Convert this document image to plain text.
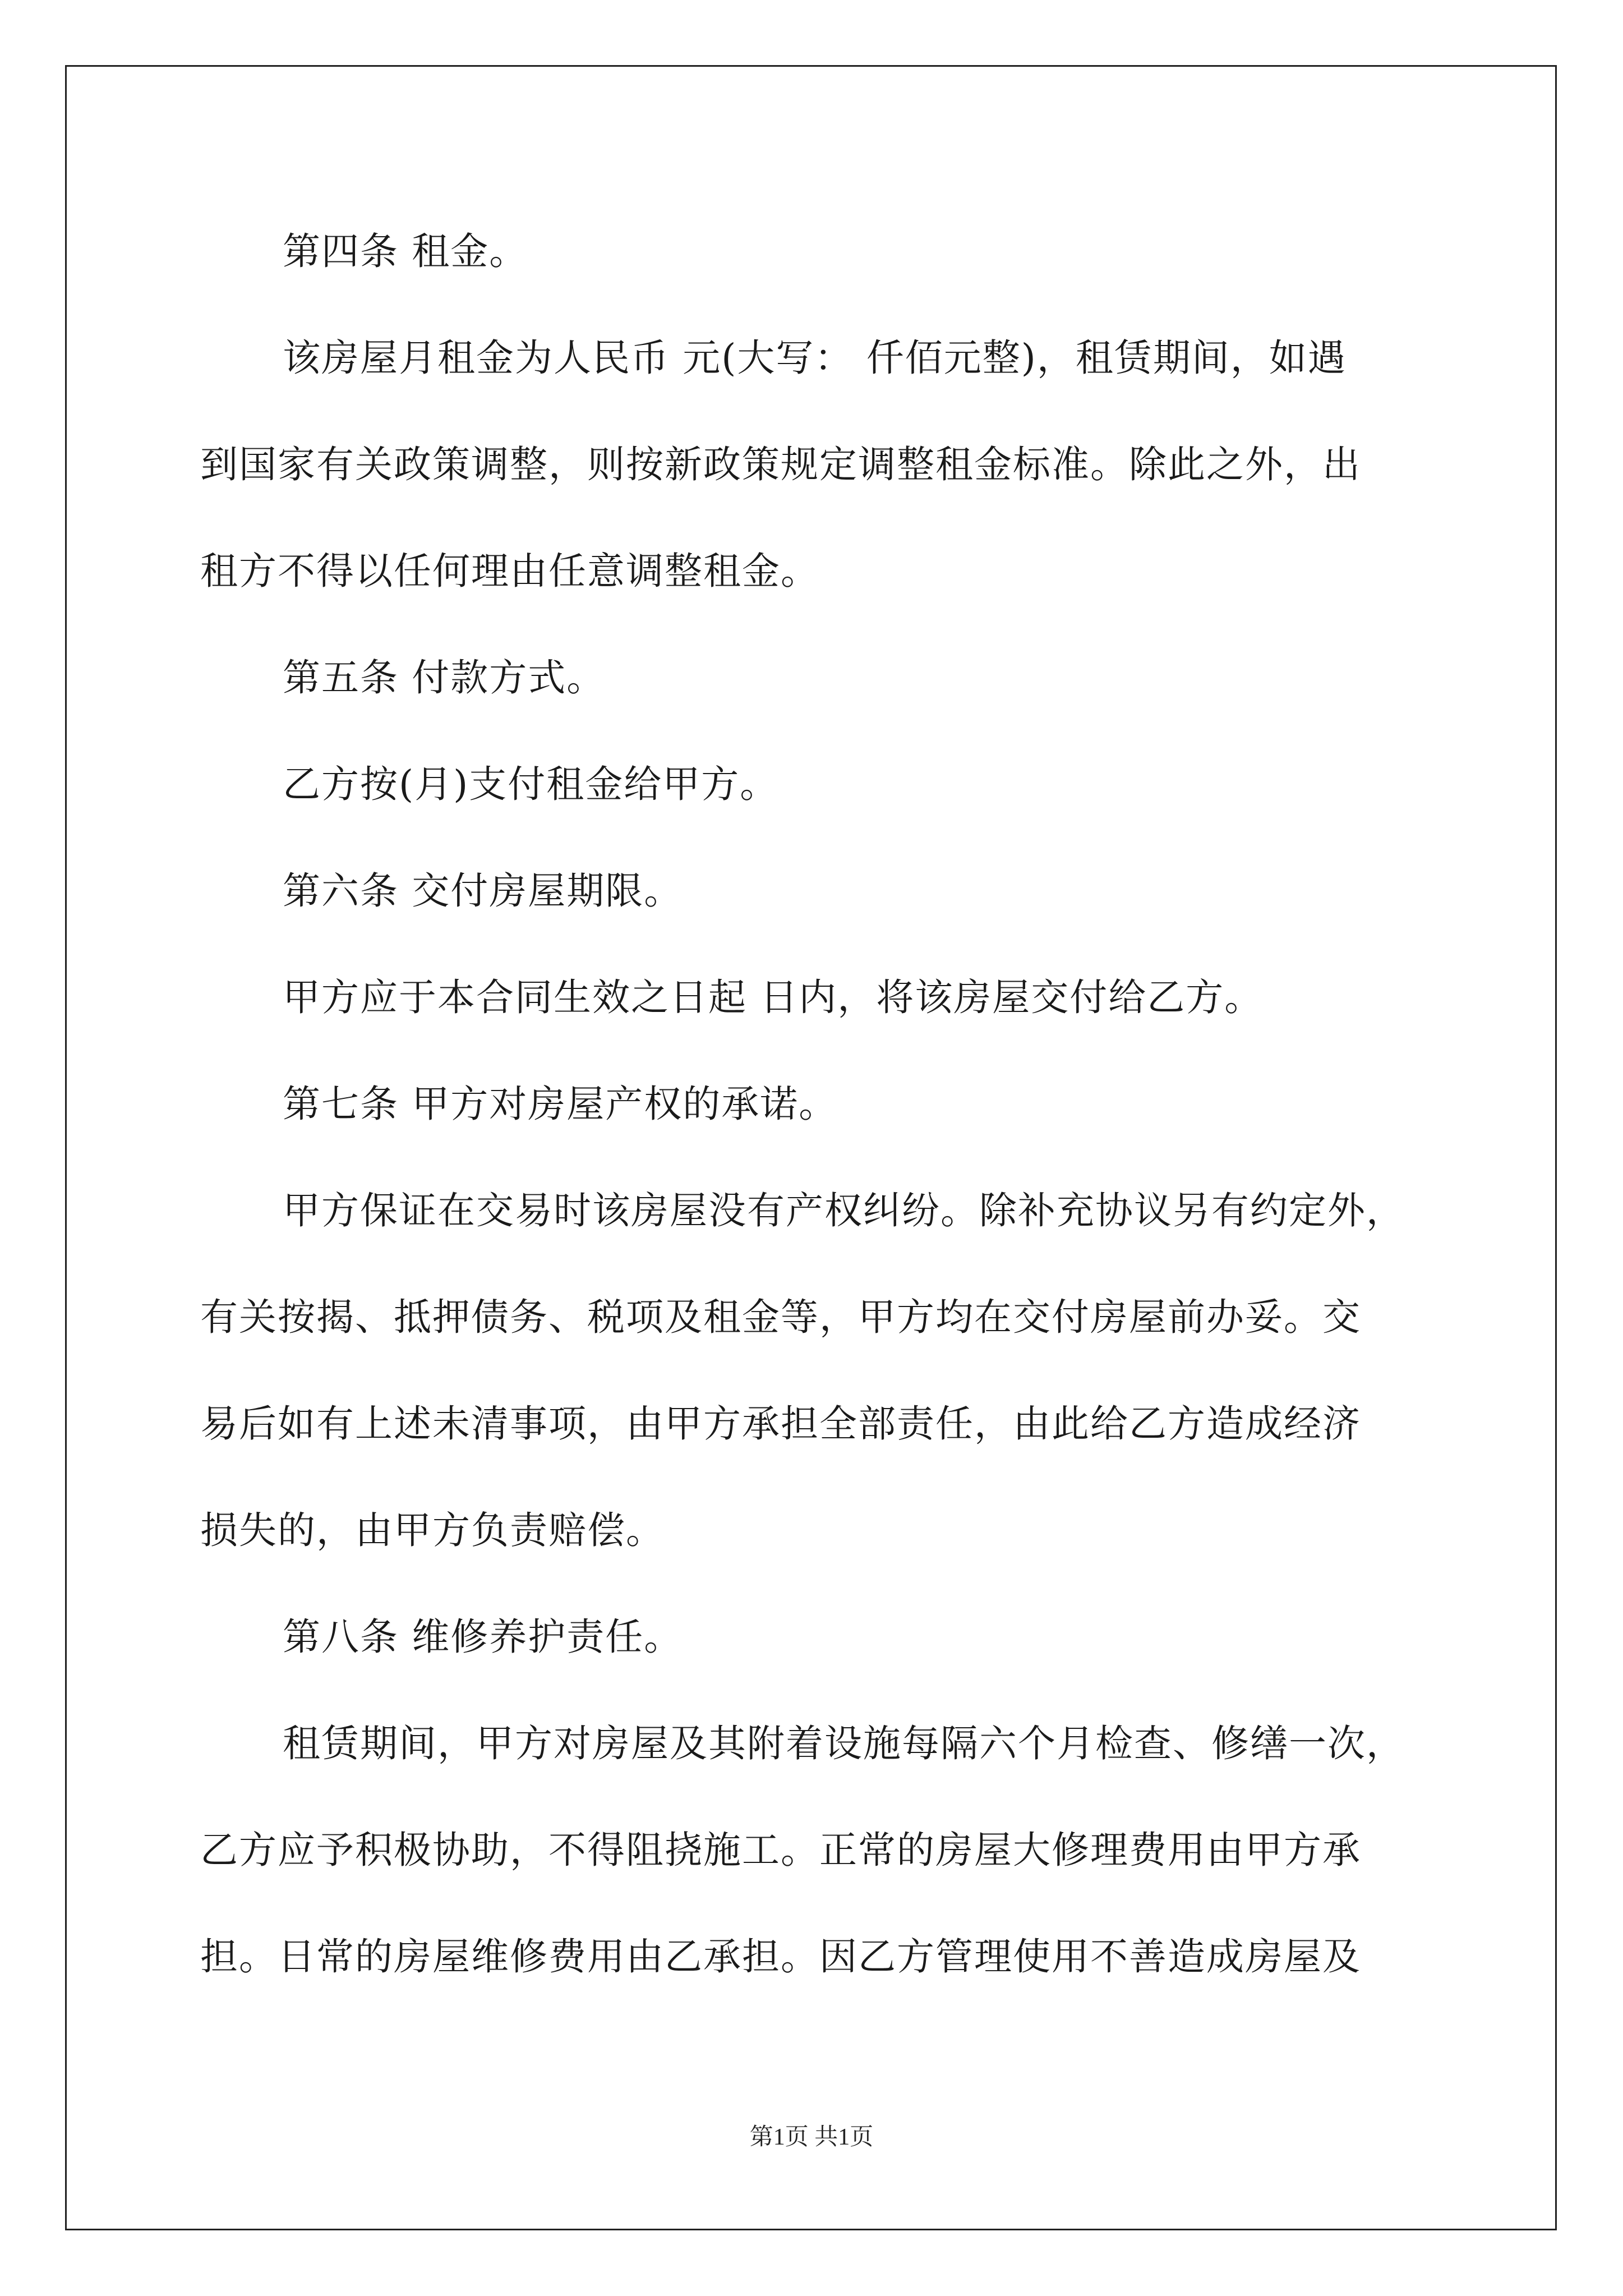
第四条 租金。
该房屋月租金为人民币 元(大写： 仟佰元整)，租赁期间，如遇
到国家有关政策调整，则按新政策规定调整租金标准。除此之外，出
租方不得以任何理由任意调整租金。
第五条 付款方式。
乙方按(月)支付租金给甲方。
第六条 交付房屋期限。
甲方应于本合同生效之日起 日内，将该房屋交付给乙方。
第七条 甲方对房屋产权的承诺。
甲方保证在交易时该房屋没有产权纠纷。除补充协议另有约定外，
有关按揭、抵押债务、税项及租金等，甲方均在交付房屋前办妥。交
易后如有上述未清事项，由甲方承担全部责任，由此给乙方造成经济
损失的，由甲方负责赔偿。
第八条 维修养护责任。
租赁期间，甲方对房屋及其附着设施每隔六个月检查、修缮一次，
乙方应予积极协助，不得阻挠施工。正常的房屋大修理费用由甲方承
担。日常的房屋维修费用由乙承担。因乙方管理使用不善造成房屋及
第1页 共1页
